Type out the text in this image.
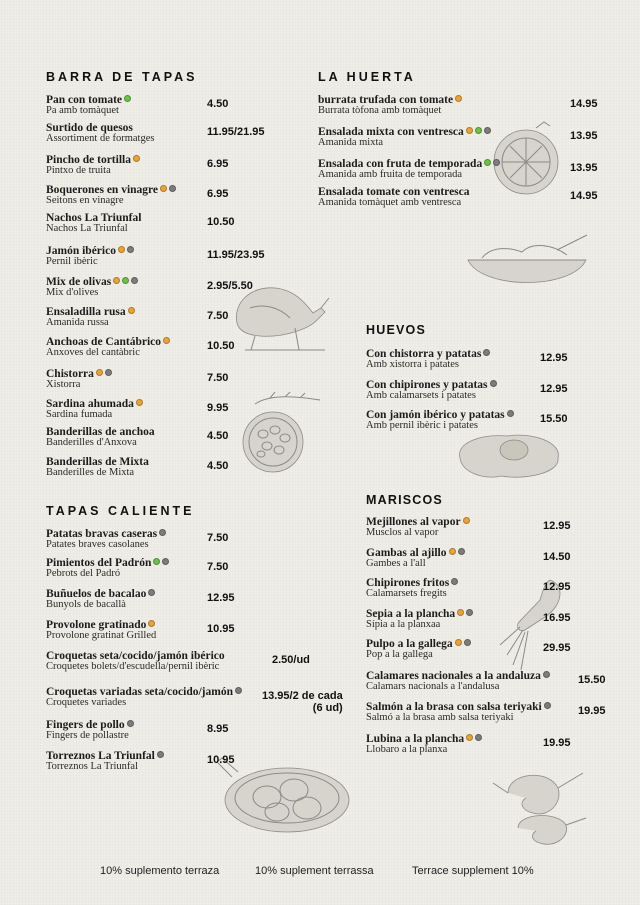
BARRA DE TAPAS
TAPAS CALIENTE
LA HUERTA
HUEVOS
MARISCOS
Pan con tomate
Pa amb tomàquet
4.50
Surtido de quesos
Assortiment de formatges
11.95/21.95
Pincho de tortilla
Pintxo de truita
6.95
Boquerones en vinagre
Seitons en vinagre
6.95
Nachos La Triunfal
Nachos La Triunfal
10.50
Jamón ibérico
Pernil ibèric
11.95/23.95
Mix de olivas
Mix d'olives
2.95/5.50
Ensaladilla rusa
Amanida russa
7.50
Anchoas de Cantábrico
Anxoves del cantàbric
10.50
Chistorra
Xistorra
7.50
Sardina ahumada
Sardina fumada
9.95
Banderillas de anchoa
Banderilles d'Anxova
4.50
Banderillas de Mixta
Banderilles de Mixta
4.50
Patatas bravas caseras
Patates braves casolanes
7.50
Pimientos del Padrón
Pebrots del Padró
7.50
Buñuelos de bacalao
Bunyols de bacallà
12.95
Provolone gratinado
Provolone gratinat Grilled
10.95
Croquetas seta/cocido/jamón ibérico
Croquetes bolets/d'escudella/pernil ibèric
2.50/ud
Croquetas variadas seta/cocido/jamón
Croquetes variades
13.95/2 de cada
(6 ud)
Fingers de pollo
Fingers de pollastre
8.95
Torreznos La Triunfal
Torreznos La Triunfal
10.95
burrata trufada con tomate
Burrata tòfona amb tomàquet
14.95
Ensalada mixta con ventresca
Amanida mixta
13.95
Ensalada con fruta de temporada
Amanida amb fruita de temporada
13.95
Ensalada tomate con ventresca
Amanida tomàquet amb ventresca
14.95
Con chistorra y patatas
Amb xistorra i patates
12.95
Con chipirones y patatas
Amb calamarsets i patates
12.95
Con jamón ibérico y patatas
Amb pernil ibèric i patates
15.50
Mejillones al vapor
Musclos al vapor
12.95
Gambas al ajillo
Gambes a l'all
14.50
Chipirones fritos
Calamarsets fregits
12.95
Sepia a la plancha
Sípia a la planxaa
16.95
Pulpo a la gallega
Pop a la gallega
29.95
Calamares nacionales a la andaluza
Calamars nacionals a l'andalusa
15.50
Salmón a la brasa con salsa teriyaki
Salmó a la brasa amb salsa teriyaki
19.95
Lubina a la plancha
Llobaro a la planxa
19.95
10% suplemento terraza	10% suplement terrassa	Terrace supplement 10%
